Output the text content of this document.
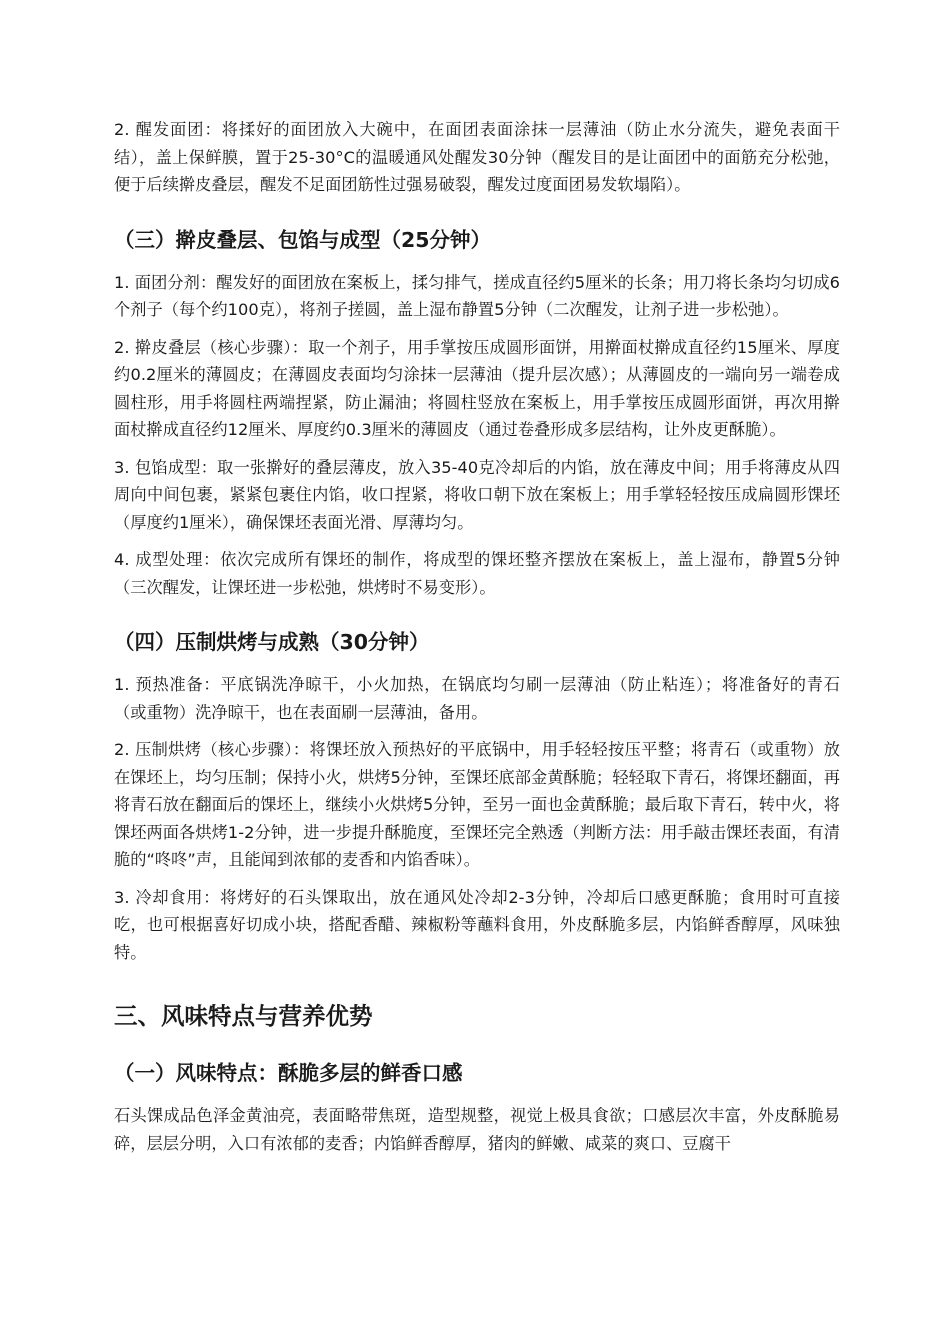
2. 醒发面团：将揉好的面团放入大碗中，在面团表面涂抹一层薄油（防止水分流失，避免表面干结），盖上保鲜膜，置于25-30°C的温暖通风处醒发30分钟（醒发目的是让面团中的面筋充分松弛，便于后续擀皮叠层，醒发不足面团筋性过强易破裂，醒发过度面团易发软塌陷）。

（三）擀皮叠层、包馅与成型（25分钟）

1. 面团分剂：醒发好的面团放在案板上，揉匀排气，搓成直径约5厘米的长条；用刀将长条均匀切成6个剂子（每个约100克），将剂子搓圆，盖上湿布静置5分钟（二次醒发，让剂子进一步松弛）。

2. 擀皮叠层（核心步骤）：取一个剂子，用手掌按压成圆形面饼，用擀面杖擀成直径约15厘米、厚度约0.2厘米的薄圆皮；在薄圆皮表面均匀涂抹一层薄油（提升层次感）；从薄圆皮的一端向另一端卷成圆柱形，用手将圆柱两端捏紧，防止漏油；将圆柱竖放在案板上，用手掌按压成圆形面饼，再次用擀面杖擀成直径约12厘米、厚度约0.3厘米的薄圆皮（通过卷叠形成多层结构，让外皮更酥脆）。

3. 包馅成型：取一张擀好的叠层薄皮，放入35-40克冷却后的内馅，放在薄皮中间；用手将薄皮从四周向中间包裹，紧紧包裹住内馅，收口捏紧，将收口朝下放在案板上；用手掌轻轻按压成扁圆形馃坯（厚度约1厘米），确保馃坯表面光滑、厚薄均匀。

4. 成型处理：依次完成所有馃坯的制作，将成型的馃坯整齐摆放在案板上，盖上湿布，静置5分钟（三次醒发，让馃坯进一步松弛，烘烤时不易变形）。

（四）压制烘烤与成熟（30分钟）

1. 预热准备：平底锅洗净晾干，小火加热，在锅底均匀刷一层薄油（防止粘连）；将准备好的青石（或重物）洗净晾干，也在表面刷一层薄油，备用。

2. 压制烘烤（核心步骤）：将馃坯放入预热好的平底锅中，用手轻轻按压平整；将青石（或重物）放在馃坯上，均匀压制；保持小火，烘烤5分钟，至馃坯底部金黄酥脆；轻轻取下青石，将馃坯翻面，再将青石放在翻面后的馃坯上，继续小火烘烤5分钟，至另一面也金黄酥脆；最后取下青石，转中火，将馃坯两面各烘烤1-2分钟，进一步提升酥脆度，至馃坯完全熟透（判断方法：用手敲击馃坯表面，有清脆的“咚咚”声，且能闻到浓郁的麦香和内馅香味）。

3. 冷却食用：将烤好的石头馃取出，放在通风处冷却2-3分钟，冷却后口感更酥脆；食用时可直接吃，也可根据喜好切成小块，搭配香醋、辣椒粉等蘸料食用，外皮酥脆多层，内馅鲜香醇厚，风味独特。

三、风味特点与营养优势
（一）风味特点：酥脆多层的鲜香口感

石头馃成品色泽金黄油亮，表面略带焦斑，造型规整，视觉上极具食欲；口感层次丰富，外皮酥脆易碎，层层分明，入口有浓郁的麦香；内馅鲜香醇厚，猪肉的鲜嫩、咸菜的爽口、豆腐干
